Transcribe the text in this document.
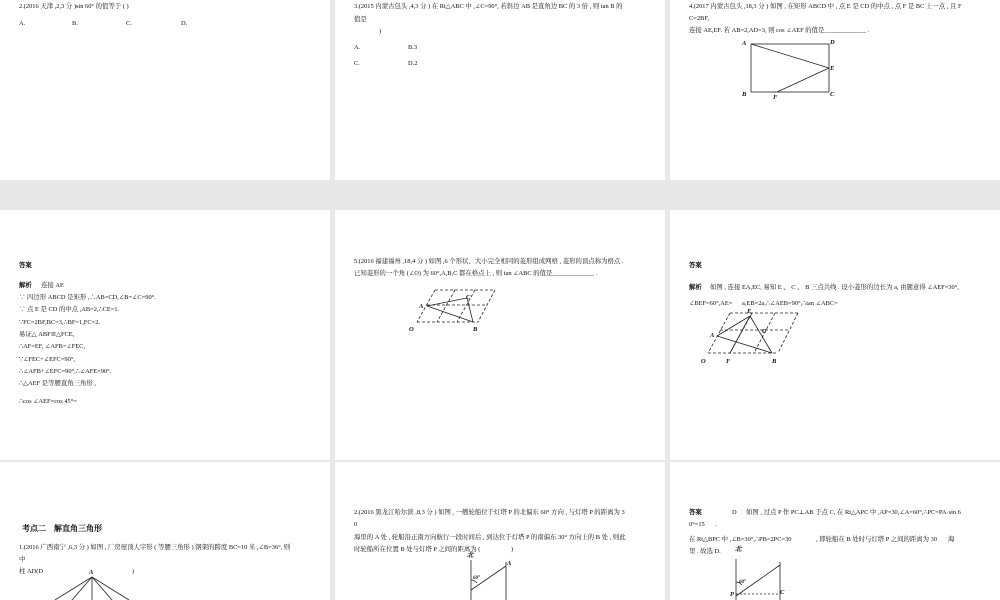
2.(2016 天津 ,2,3 分 )sin 60° 的值等于 ( )
A.	B.	C.	D.
3.(2015 内蒙古包头 ,4,3 分 ) 在 Rt△ABC 中 ,∠C=90°, 若斜边 AB 是直角边 BC 的 3 倍 , 则 tan B 的
值是
)
A.	B.3
C.	D.2
4.(2017 内蒙古包头 ,18,3 分 ) 如图 , 在矩形 ABCD 中 , 点 E 是 CD 的中点 , 点 F 是 BC 上一点 , 且 F
C=2BF,
连接 AE,EF. 若 AB=2,AD=3, 则 cos ∠AEF 的值是_____________ .
A	D
E
B	F	C
答案
解析 连接 AF.
∵ 四边形 ABCD 是矩形 ,∴AB=CD,∠B=∠C=90°.
∵ 点 E 是 CD 的中点 ,AB=2,∴CE=1.
∵FC=2BF,BC=3,∴BF=1,FC=2.
易证△ ABF≌△FCE,
∴AF=EF, ∠AFB=∠FEC,
∵∠FEC+∠EFC=90°,
∴∠AFB+∠EFC=90°,∴∠AFE=90°.
∴△AEF 是等腰直角三角形 ,
∴cos ∠AEF=cos 45°=
5.(2016 福建福州 ,18,4 分 ) 如图 ,6 个形状、大小完全相同的菱形组成网格 , 菱形的顶点称为格点 .
已知菱形的一个角 (∠O) 为 60°,A,B,C 都在格点上 , 则 tan ∠ABC 的值是_____________ .
A
C
O	B
答案
解析 如图 , 连接 EA,EC, 易知 E 、 C 、 B 三点共线 . 设小菱形的边长为 a, 由题意得 ∠AEF=30°,
∠BEF=60°,AE= a,EB=2a,∴∠AEB=90°,∴tan ∠ABC=
E
A
C
O	F	B
考点二　解直角三角形
1.(2016 广西南宁 ,6,3 分 ) 如图 , 厂房屋顶人字形 ( 等腰三角形 ) 钢架的跨度 BC=10 米 ,∠B=36°, 则
中
柱 AD(D	)
A
2.(2016 黑龙江哈尔滨 ,8,3 分 ) 如图 , 一艘轮船位于灯塔 P 的北偏东 60° 方向 , 与灯塔 P 的距离为 3
0
海里的 A 处 , 轮船沿正南方向航行一段时间后 , 到达位于灯塔 P 的南偏东 30° 方向上的 B 处 , 则此
时轮船所在位置 B 处与灯塔 P 之间的距离为 (	)
北
60°
A
答案	D 如图 , 过点 P 作 PC⊥AB 于点 C, 在 Rt△APC 中 ,AP=30,∠A=60°,∴PC=PA·sin 6
0°=15 .
在 Rt△BPC 中 ,∠B=30°,∴PB=2PC=30	, 即轮船在 B 处时与灯塔 P 之间的距离为 30 海
里 . 故选 D. 北
60°
C
P
